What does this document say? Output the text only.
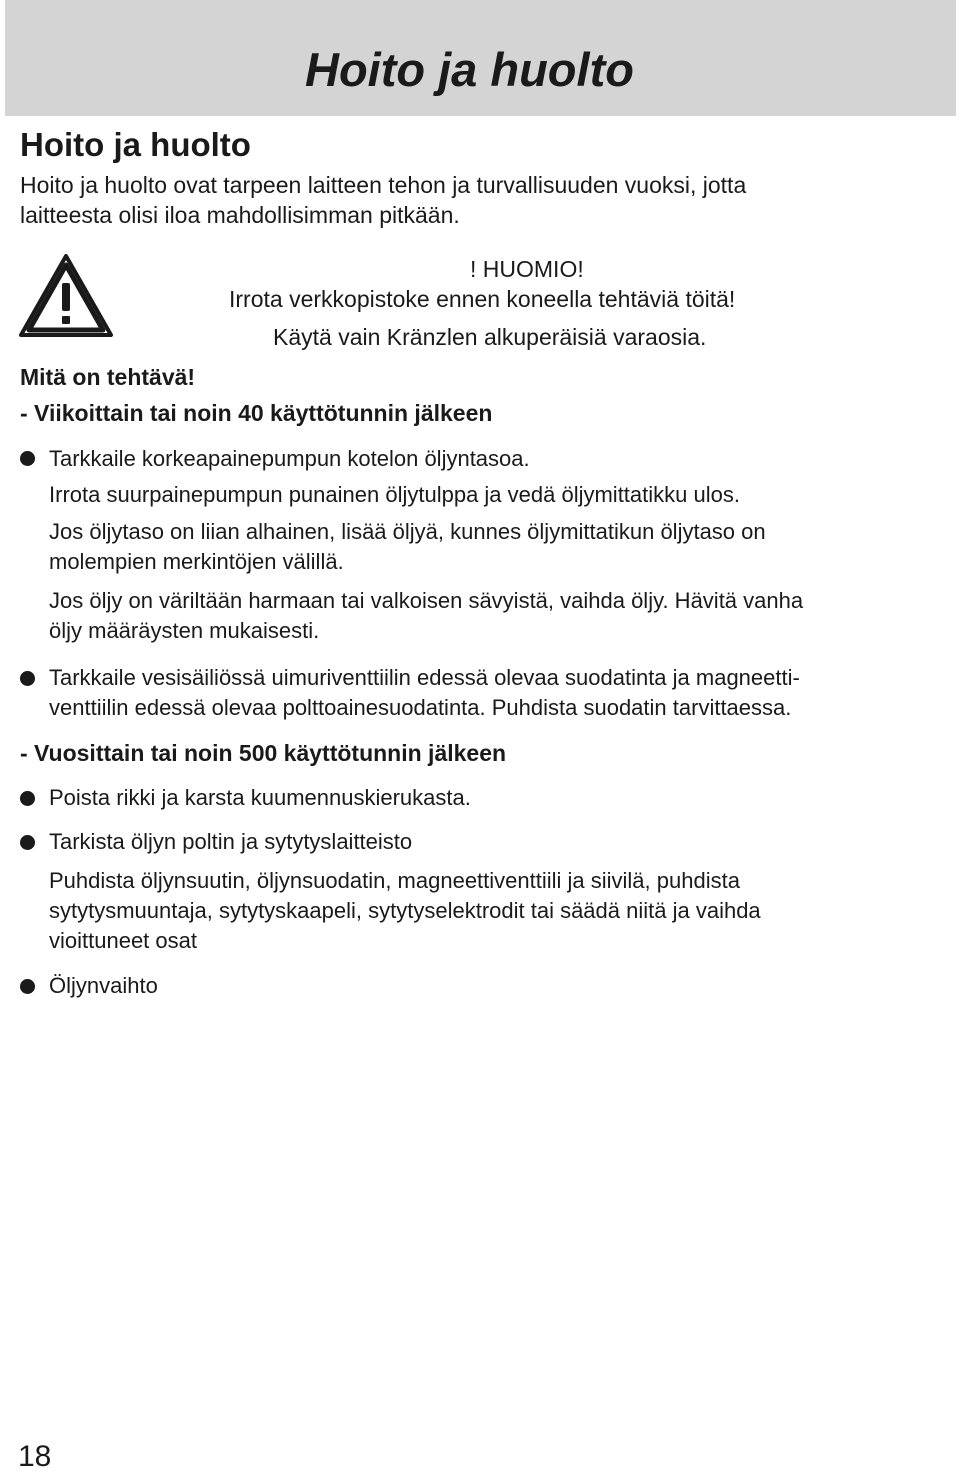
Hoito ja huolto
Hoito ja huolto
Hoito ja huolto ovat tarpeen laitteen tehon ja turvallisuuden vuoksi, jotta
laitteesta olisi iloa mahdollisimman pitkään.
! HUOMIO!
Irrota verkkopistoke ennen koneella tehtäviä töitä!
Käytä vain Kränzlen alkuperäisiä varaosia.
Mitä on tehtävä!
- Viikoittain tai noin 40 käyttötunnin jälkeen
Tarkkaile korkeapainepumpun kotelon öljyntasoa.
Irrota suurpainepumpun punainen öljytulppa ja vedä öljymittatikku ulos.
Jos öljytaso on liian alhainen, lisää öljyä, kunnes öljymittatikun öljytaso on
molempien merkintöjen välillä.
Jos öljy on väriltään harmaan tai valkoisen sävyistä, vaihda öljy. Hävitä vanha
öljy määräysten mukaisesti.
Tarkkaile vesisäiliössä uimuriventtiilin edessä olevaa suodatinta ja magneetti-
venttiilin edessä olevaa polttoainesuodatinta. Puhdista suodatin tarvittaessa.
- Vuosittain tai noin 500 käyttötunnin jälkeen
Poista rikki ja karsta kuumennuskierukasta.
Tarkista öljyn poltin ja sytytyslaitteisto
Puhdista öljynsuutin, öljynsuodatin, magneettiventtiili ja siivilä, puhdista
sytytysmuuntaja, sytytyskaapeli, sytytyselektrodit tai säädä niitä ja vaihda
vioittuneet osat
Öljynvaihto
18
